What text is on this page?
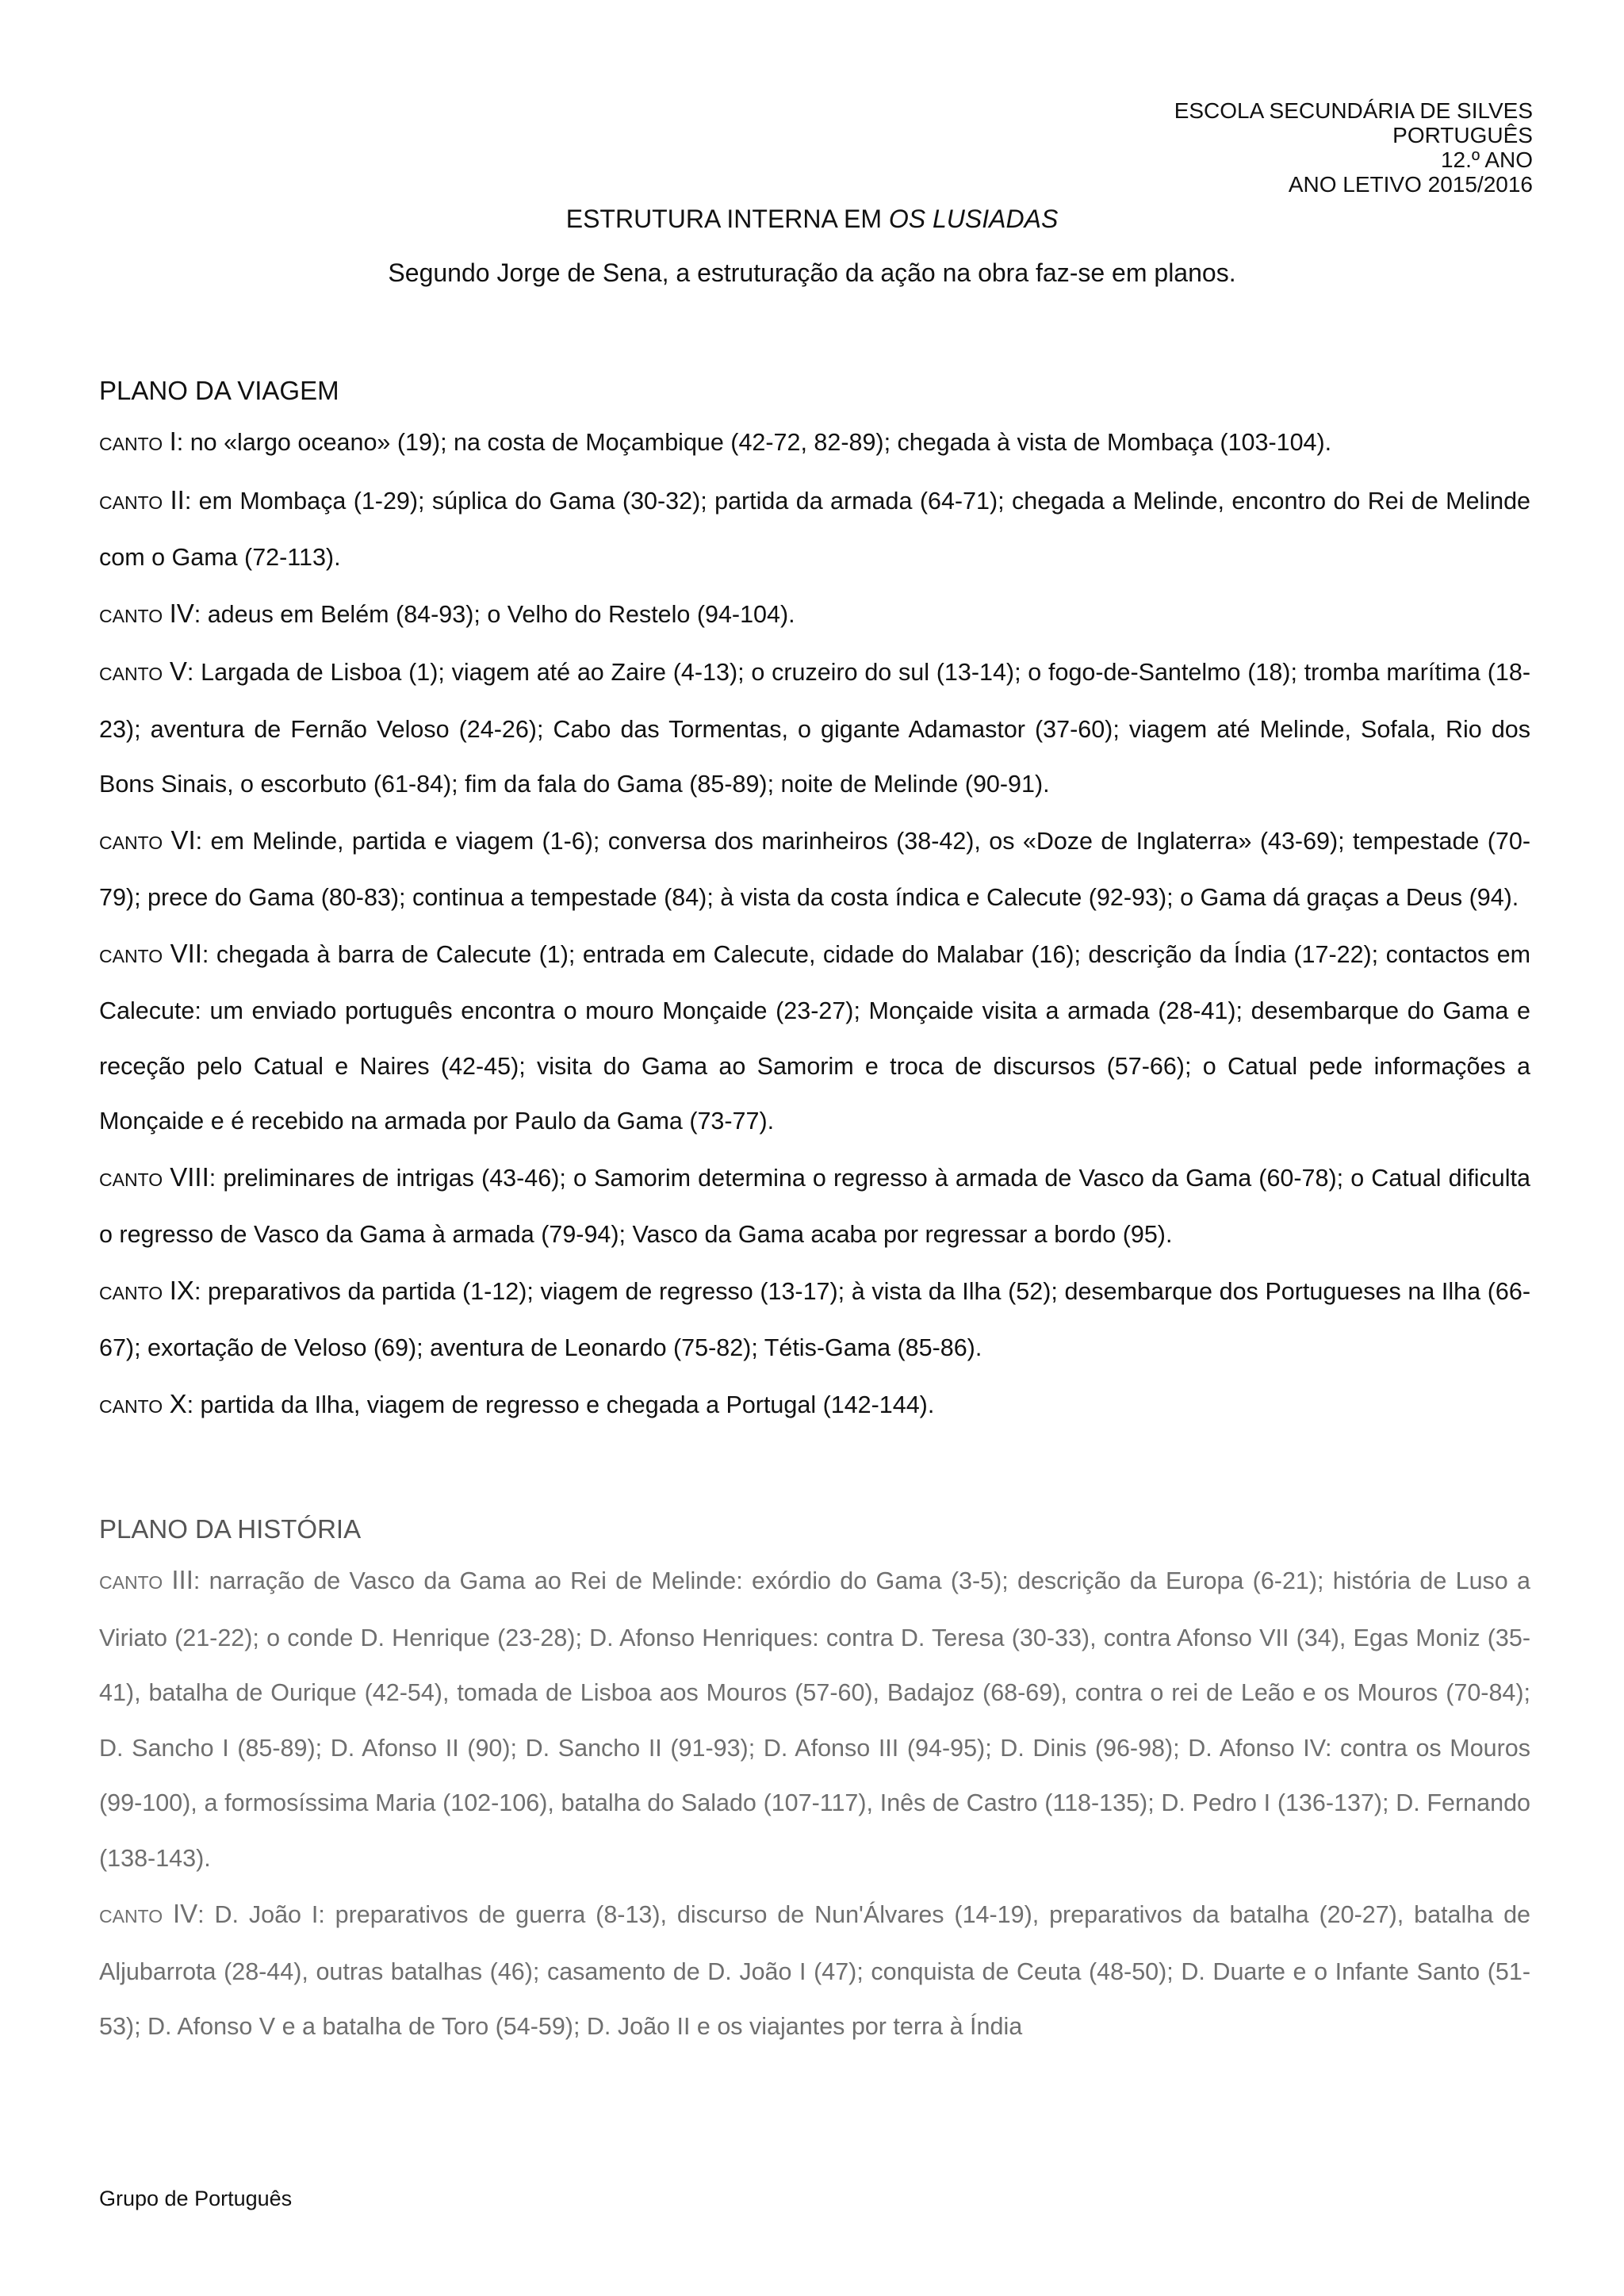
ESCOLA SECUNDÁRIA DE SILVES
PORTUGUÊS
12.º ANO
ANO LETIVO 2015/2016
ESTRUTURA INTERNA EM OS LUSIADAS
Segundo Jorge de Sena, a estruturação da ação na obra faz-se em planos.
PLANO DA VIAGEM

CANTO I: no «largo oceano» (19); na costa de Moçambique (42-72, 82-89); chegada à vista de Mombaça (103-104).

CANTO II: em Mombaça (1-29); súplica do Gama (30-32); partida da armada (64-71); chegada a Melinde, encontro do Rei de Melinde com o Gama (72-113).

CANTO IV: adeus em Belém (84-93); o Velho do Restelo (94-104).

CANTO V: Largada de Lisboa (1); viagem até ao Zaire (4-13); o cruzeiro do sul (13-14); o fogo-de-Santelmo (18); tromba marítima (18-23); aventura de Fernão Veloso (24-26); Cabo das Tormentas, o gigante Adamastor (37-60); viagem até Melinde, Sofala, Rio dos Bons Sinais, o escorbuto (61-84); fim da fala do Gama (85-89); noite de Melinde (90-91).

CANTO VI: em Melinde, partida e viagem (1-6); conversa dos marinheiros (38-42), os «Doze de Inglaterra» (43-69); tempestade (70-79); prece do Gama (80-83); continua a tempestade (84); à vista da costa índica e Calecute (92-93); o Gama dá graças a Deus (94).

CANTO VII: chegada à barra de Calecute (1); entrada em Calecute, cidade do Malabar (16); descrição da Índia (17-22); contactos em Calecute: um enviado português encontra o mouro Monçaide (23-27); Monçaide visita a armada (28-41); desembarque do Gama e receção pelo Catual e Naires (42-45); visita do Gama ao Samorim e troca de discursos (57-66); o Catual pede informações a Monçaide e é recebido na armada por Paulo da Gama (73-77).

CANTO VIII: preliminares de intrigas (43-46); o Samorim determina o regresso à armada de Vasco da Gama (60-78); o Catual dificulta o regresso de Vasco da Gama à armada (79-94); Vasco da Gama acaba por regressar a bordo (95).

CANTO IX: preparativos da partida (1-12); viagem de regresso (13-17); à vista da Ilha (52); desembarque dos Portugueses na Ilha (66-67); exortação de Veloso (69); aventura de Leonardo (75-82); Tétis-Gama (85-86).

CANTO X: partida da Ilha, viagem de regresso e chegada a Portugal (142-144).

PLANO DA HISTÓRIA

CANTO III: narração de Vasco da Gama ao Rei de Melinde: exórdio do Gama (3-5); descrição da Europa (6-21); história de Luso a Viriato (21-22); o conde D. Henrique (23-28); D. Afonso Henriques: contra D. Teresa (30-33), contra Afonso VII (34), Egas Moniz (35-41), batalha de Ourique (42-54), tomada de Lisboa aos Mouros (57-60), Badajoz (68-69), contra o rei de Leão e os Mouros (70-84); D. Sancho I (85-89); D. Afonso II (90); D. Sancho II (91-93); D. Afonso III (94-95); D. Dinis (96-98); D. Afonso IV: contra os Mouros (99-100), a formosíssima Maria (102-106), batalha do Salado (107-117), Inês de Castro (118-135); D. Pedro I (136-137); D. Fernando (138-143).

CANTO IV: D. João I: preparativos de guerra (8-13), discurso de Nun'Álvares (14-19), preparativos da batalha (20-27), batalha de Aljubarrota (28-44), outras batalhas (46); casamento de D. João I (47); conquista de Ceuta (48-50); D. Duarte e o Infante Santo (51-53); D. Afonso V e a batalha de Toro (54-59); D. João II e os viajantes por terra à Índia

Grupo de Português
